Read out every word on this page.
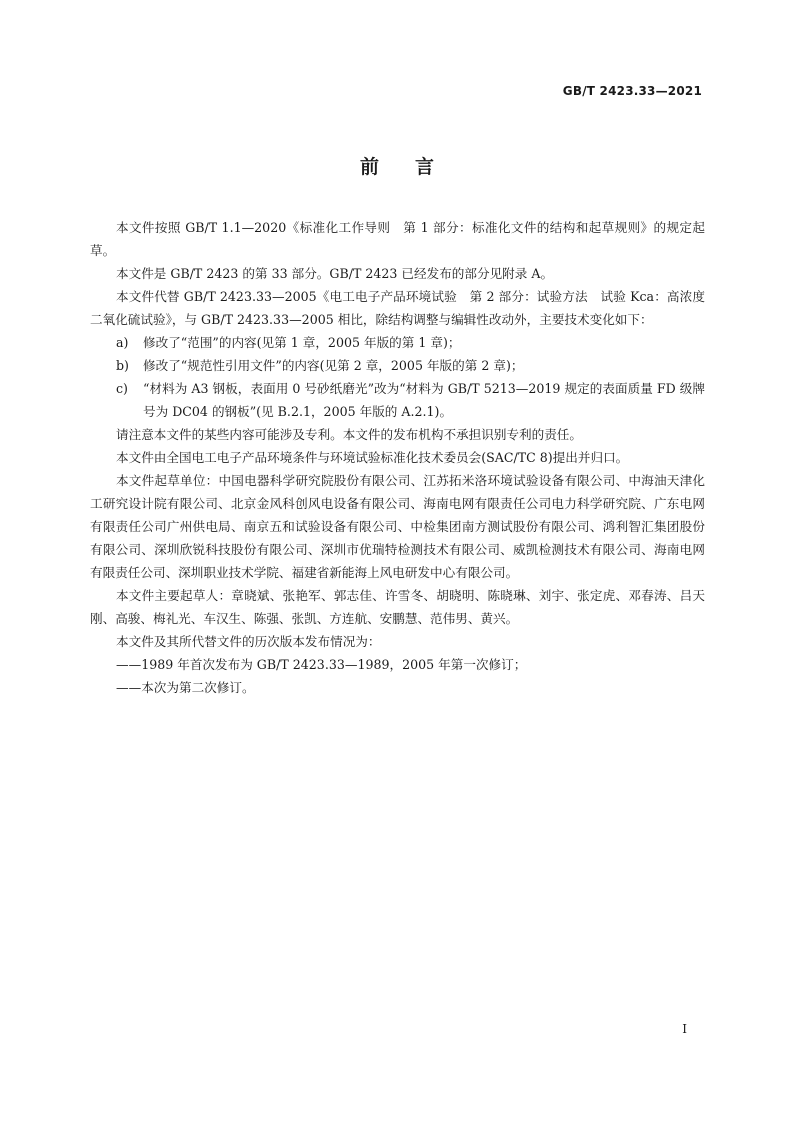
GB/T 2423.33—2021
前言

本文件按照 GB/T 1.1—2020《标准化工作导则　第 1 部分：标准化文件的结构和起草规则》的规定起草。

本文件是 GB/T 2423 的第 33 部分。GB/T 2423 已经发布的部分见附录 A。

本文件代替 GB/T 2423.33—2005《电工电子产品环境试验　第 2 部分：试验方法　试验 Kca：高浓度二氧化硫试验》，与 GB/T 2423.33—2005 相比，除结构调整与编辑性改动外，主要技术变化如下：

a) 修改了“范围”的内容(见第 1 章，2005 年版的第 1 章)；
b) 修改了“规范性引用文件”的内容(见第 2 章，2005 年版的第 2 章)；
c) “材料为 A3 钢板，表面用 0 号砂纸磨光”改为“材料为 GB/T 5213—2019 规定的表面质量 FD 级牌号为 DC04 的钢板”(见 B.2.1，2005 年版的 A.2.1)。

请注意本文件的某些内容可能涉及专利。本文件的发布机构不承担识别专利的责任。

本文件由全国电工电子产品环境条件与环境试验标准化技术委员会(SAC/TC 8)提出并归口。

本文件起草单位：中国电器科学研究院股份有限公司、江苏拓米洛环境试验设备有限公司、中海油天津化工研究设计院有限公司、北京金风科创风电设备有限公司、海南电网有限责任公司电力科学研究院、广东电网有限责任公司广州供电局、南京五和试验设备有限公司、中检集团南方测试股份有限公司、鸿利智汇集团股份有限公司、深圳欣锐科技股份有限公司、深圳市优瑞特检测技术有限公司、威凯检测技术有限公司、海南电网有限责任公司、深圳职业技术学院、福建省新能海上风电研发中心有限公司。

本文件主要起草人：章晓斌、张艳军、郭志佳、许雪冬、胡晓明、陈晓琳、刘宇、张定虎、邓春涛、吕天刚、高骏、梅礼光、车汉生、陈强、张凯、方连航、安鹏慧、范伟男、黄兴。

本文件及其所代替文件的历次版本发布情况为：

——1989 年首次发布为 GB/T 2423.33—1989，2005 年第一次修订；

——本次为第二次修订。

I
